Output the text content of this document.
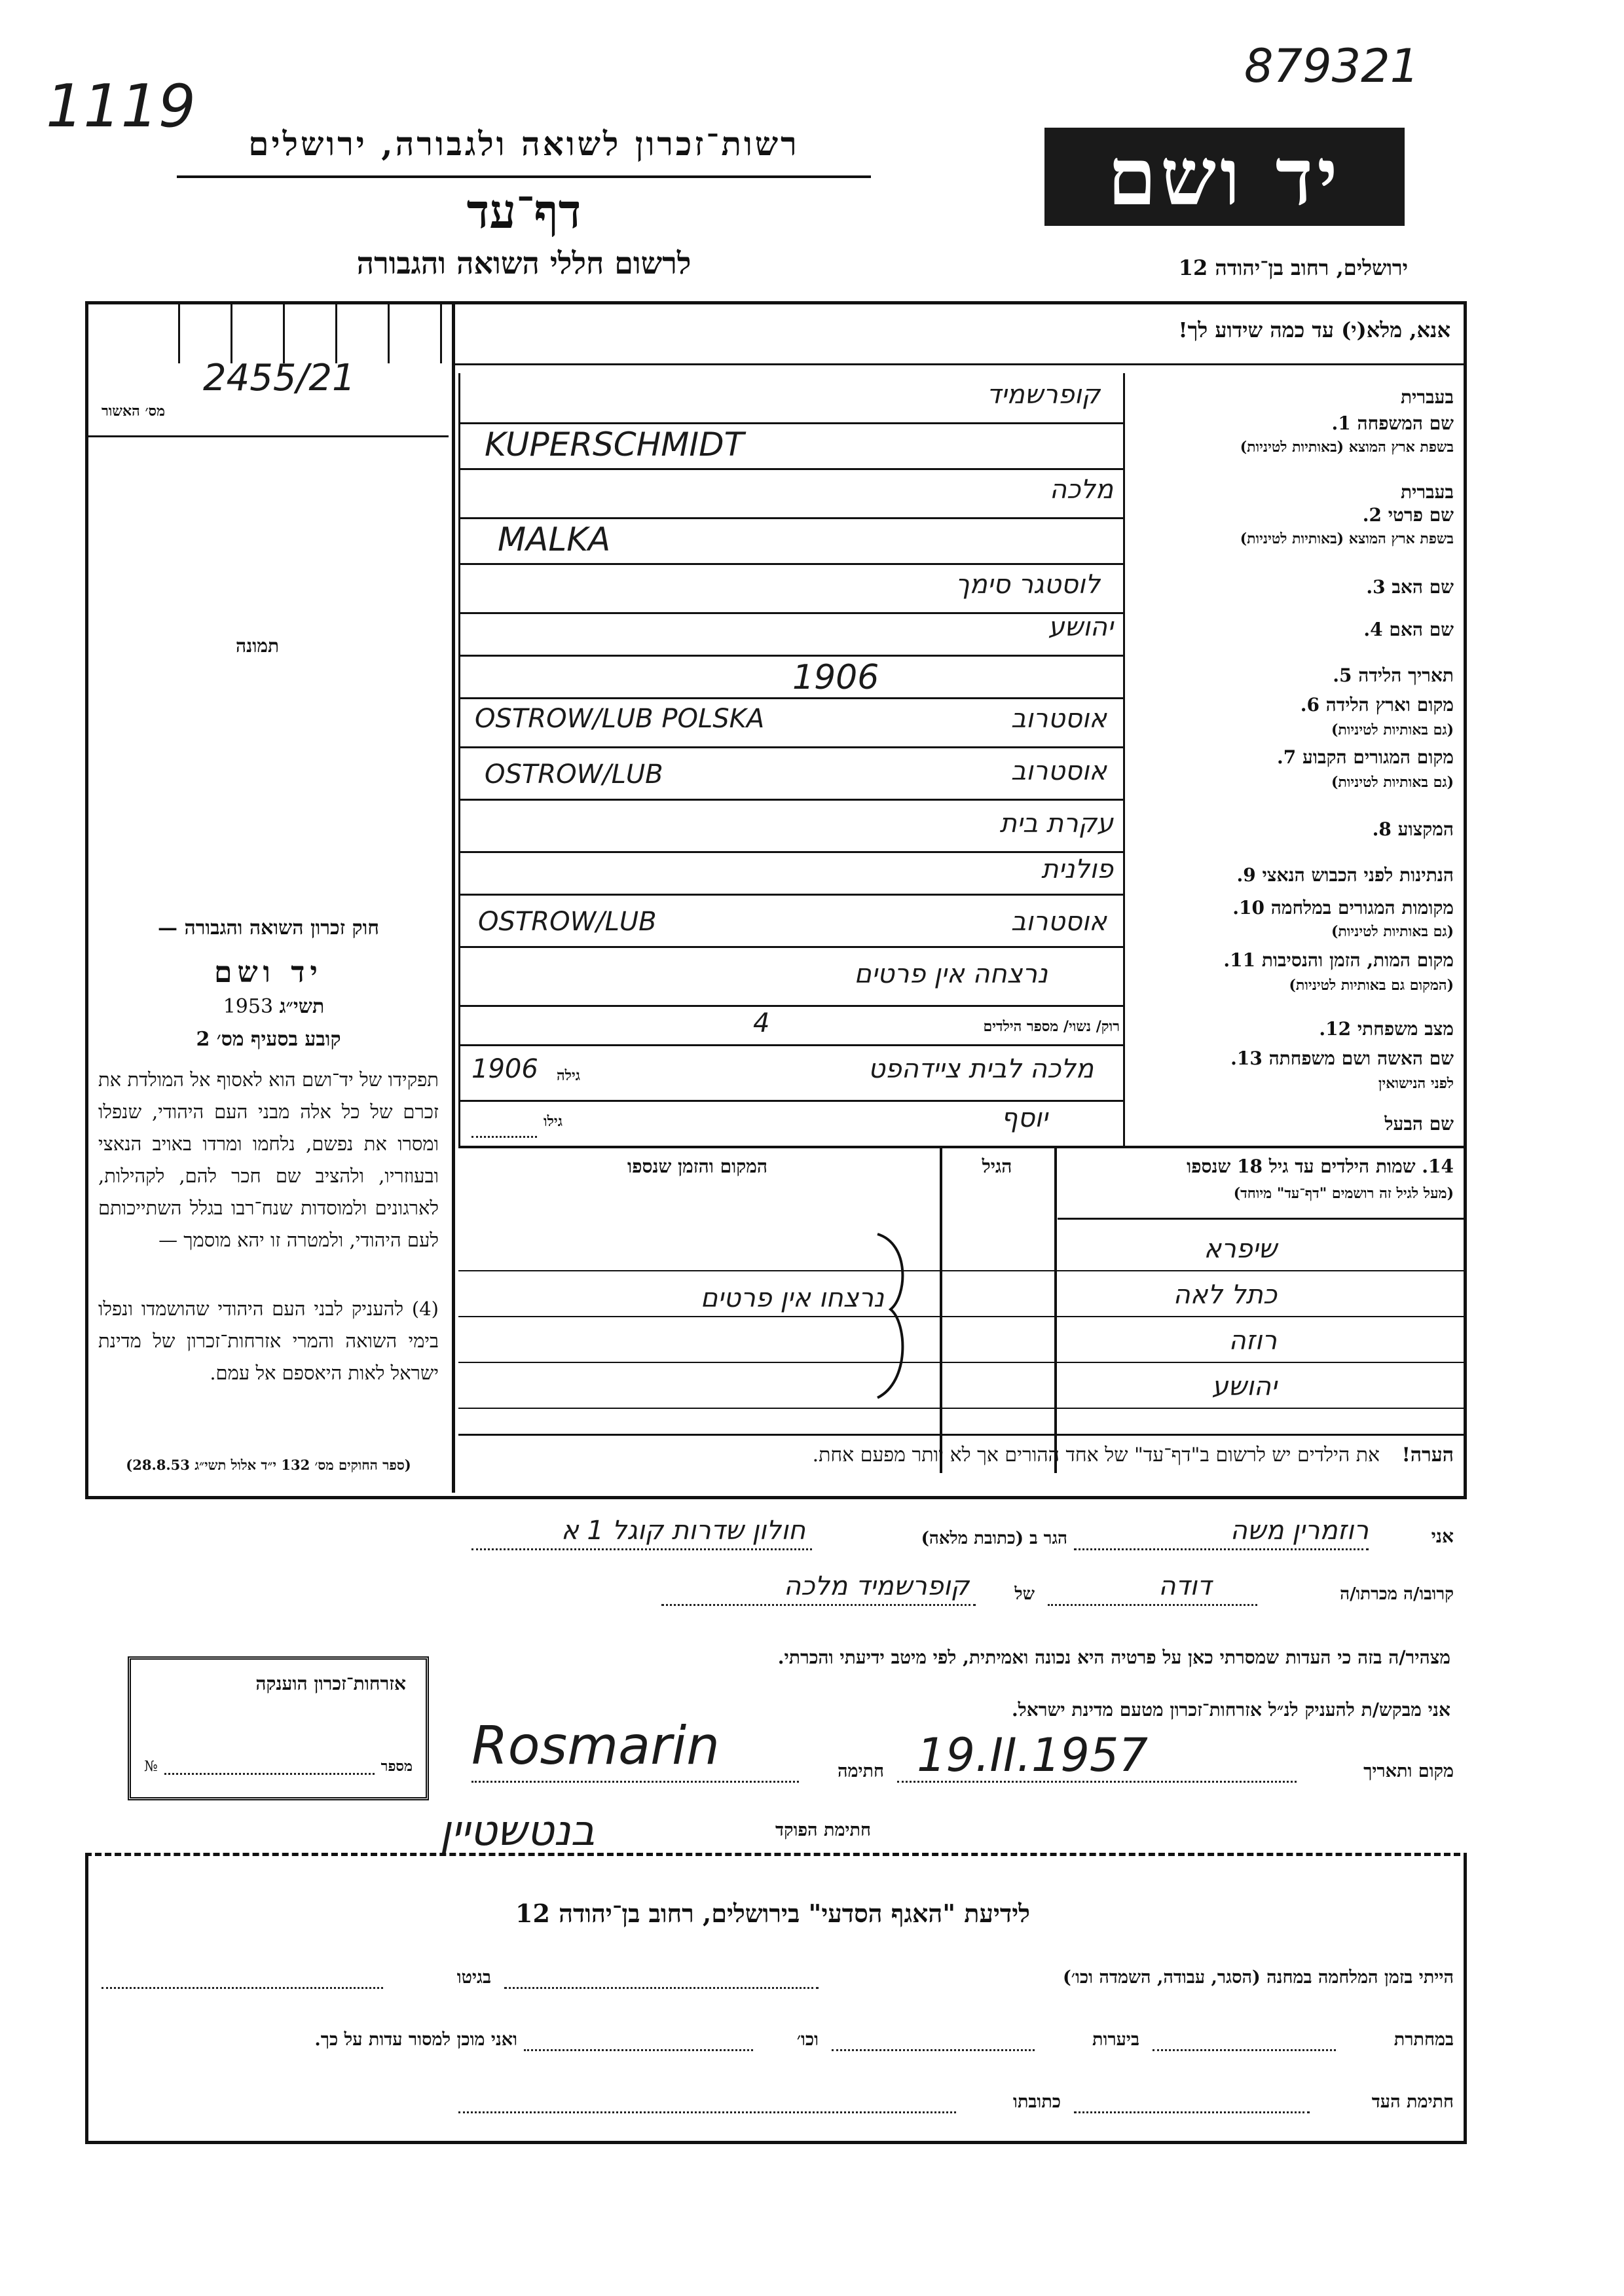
1119
879321
רשות־זכרון לשואה ולגבורה, ירושלים
דף־עד
לרשום חללי השואה והגבורה
יד ושם
ירושלים, רחוב בן־יהודה 12
אנא, מלא(י) עד כמה שידוע לך!
2455/21
מס׳ האשור
תמונה
בעברית
שם המשפחה 1.
בשפת ארץ המוצא (באותיות לטיניות)
קופרשמיד
KUPERSCHMIDT
בעברית
שם פרטי 2.
בשפת ארץ המוצא (באותיות לטיניות)
מלכה
MALKA
שם האב 3.
לוסטגר סימך
שם האם 4.
יהושע
תאריך הלידה 5.
1906
מקום וארץ הלידה 6.
(גם באותיות לטיניות)
אוסטרוב
OSTROW/LUB POLSKA
מקום המגורים הקבוע 7.
(גם באותיות לטיניות)
אוסטרוב
OSTROW/LUB
המקצוע 8.
עקרת בית
הנתינות לפני הכבוש הנאצי 9.
פולנית
מקומות המגורים במלחמה 10.
(גם באותיות לטיניות)
אוסטרוב
OSTROW/LUB
מקום המות, הזמן והנסיבות 11.
(המקום גם באותיות לטיניות)
נרצחה אין פרטים
מצב משפחתי 12.
רוק/ נשוי/ מספר הילדים
4
שם האשה ושם משפחתה 13.
לפני הנישואין
מלכה לבית ציידהפט
גילה
1906
שם הבעל
יוסף
גילו
14. שמות הילדים עד גיל 18 שנספו
(מעל לגיל זה רושמים "דף־עד" מיוחד)
הגיל
המקום והזמן שנספו
שיפרא
כתל לאה
רוזה
יהושע
נרצחו אין פרטים
הערה! את הילדים יש לרשום ב"דף־עד" של אחד ההורים אך לא יותר מפעם אחת.
חוק זכרון השואה והגבורה —
יד ושם
תשי״ג 1953
קובע בסעיף מס׳ 2
תפקידו של יד־ושם הוא לאסוף אל המולדת את זכרם של כל אלה מבני העם היהודי, שנפלו ומסרו את נפשם, נלחמו ומרדו באויב הנאצי ובעוזריו, ולהציב שם חכר להם, לקהילות, לארגונים ולמוסדות שנח־רבו בגלל השתייכותם לעם היהודי, ולמטרה זו יהא מוסמך —
(4) להעניק לבני העם היהודי שהושמדו ונפלו בימי השואה והמרי אזרחות־זכרון של מדינת ישראל לאות היאספם אל עמם.
(ספר החוקים מס׳ 132 י״ד אלול תשי״ג 28.8.53)
אני
רוזמרין משה
הגר ב (כתובת מלאה)
חולון שדרות קוגל 1 א
קרובו/ה מכרתו/ה
דודה
של
קופרשמיד מלכה
מצהיר/ה בזה כי העדות שמסרתי כאן על פרטיה היא נכונה ואמיתית, לפי מיטב ידיעתי והכרתי.
אני מבקש/ת להעניק לנ״ל אזרחות־זכרון מטעם מדינת ישראל.
מקום ותאריך
19.II.1957
חתימה
Rosmarin
חתימת הפוקד
בנטשטיין
אזרחות־זכרון הוענקה
№	מספר
לידיעת "האגף הסדעי" בירושלים, רחוב בן־יהודה 12
הייתי בזמן המלחמה במחנה (הסגר, עבודה, השמדה וכו׳)
בגיטו
במחתרת
ביערות
וכו׳
ואני מוכן למסור עדות על כך.
חתימת העד
כתובתו
